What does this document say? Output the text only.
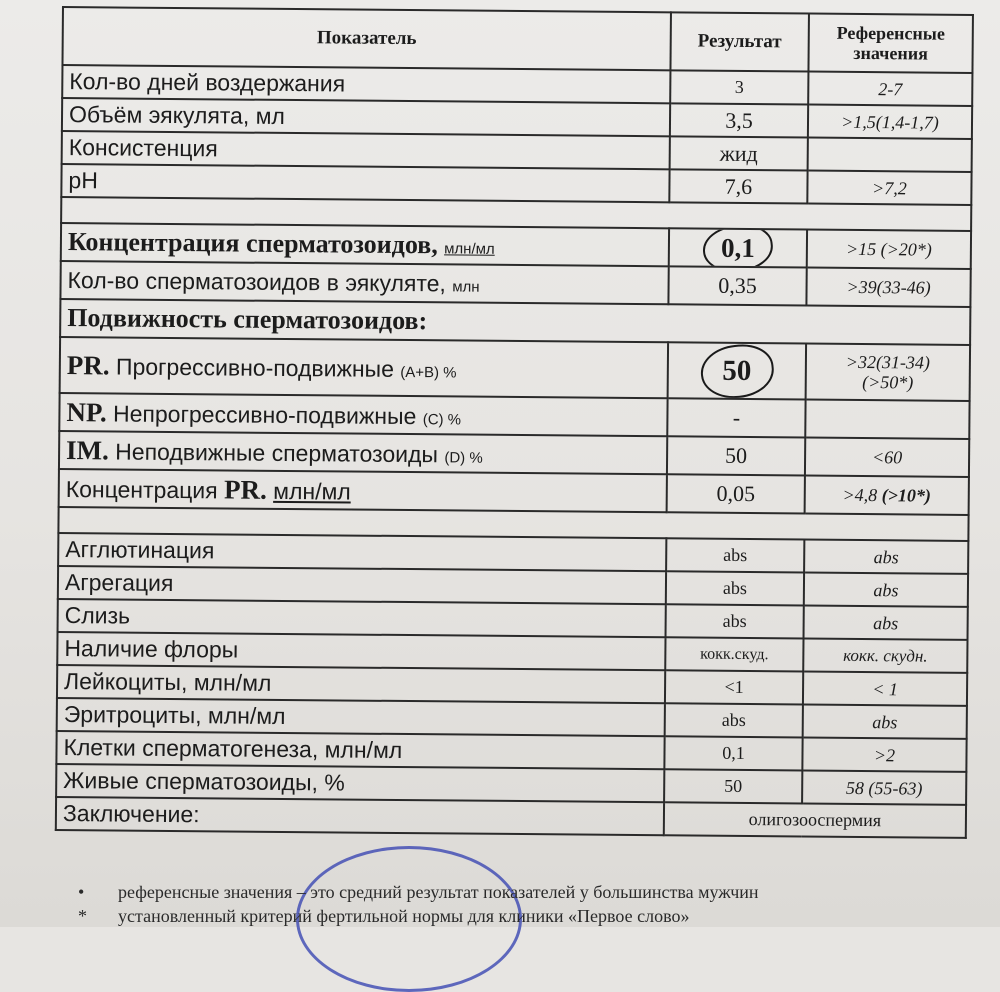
Показатель	Результат	Референсные
значения

Кол-во дней воздержания	3	2-7
Объём эякулята, мл	3,5	>1,5(1,4-1,7)
Консистенция	жид	
pH	7,6	>7,2

Концентрация сперматозоидов, млн/мл	0,1	>15 (>20*)
Кол-во сперматозоидов в эякуляте, млн	0,35	>39(33-46)
Подвижность сперматозоидов:		
PR. Прогрессивно-подвижные (A+B) %	50	>32(31-34)
(>50*)

NP. Непрогрессивно-подвижные (C) %	-	
IM. Неподвижные сперматозоиды (D) %	50	<60
Концентрация PR. млн/мл	0,05	>4,8 (>10*)

Агглютинация	abs	abs
Агрегация	abs	abs
Слизь	abs	abs
Наличие флоры	кокк.скуд.	кокк. скудн.
Лейкоциты, млн/мл	<1	< 1
Эритроциты, млн/мл	abs	abs
Клетки сперматогенеза, млн/мл	0,1	>2
Живые сперматозоиды, %	50	58 (55-63)
Заключение:	олигозооспермия	
• референсные значения – это средний результат показателей у большинства мужчин
* установленный критерий фертильной нормы для клиники «Первое слово»
